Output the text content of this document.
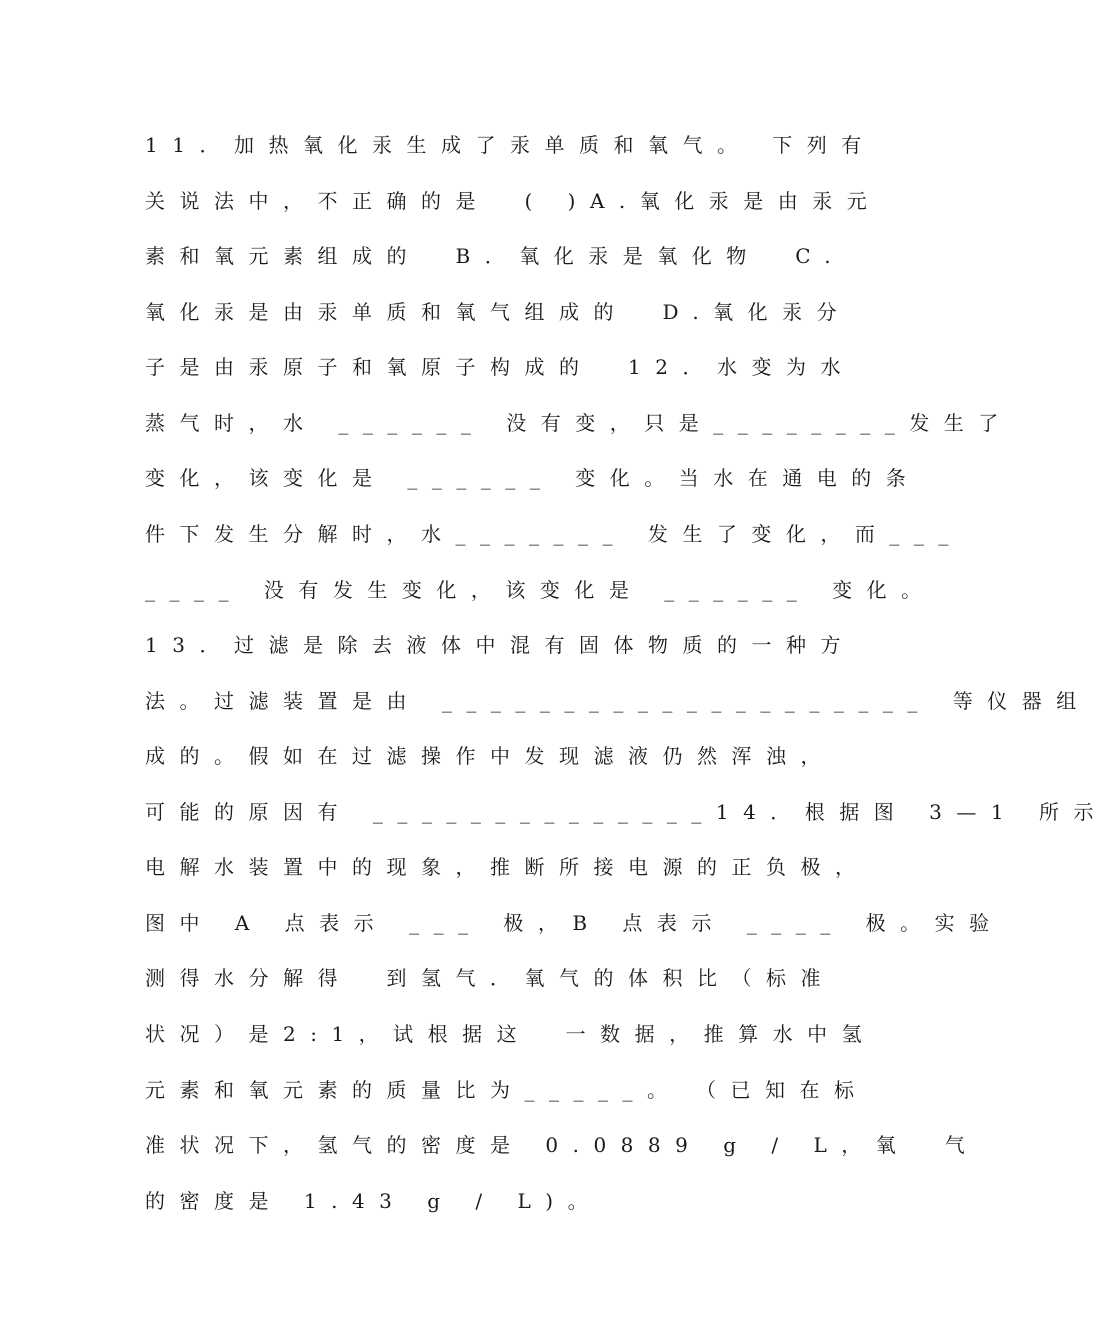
11．加热氧化汞生成了汞单质和氧气。 下列有
关说法中，不正确的是　( )A.氧化汞是由汞元
素和氧元素组成的　B．氧化汞是氧化物　C.
氧化汞是由汞单质和氧气组成的　D.氧化汞分
子是由汞原子和氧原子构成的　12．水变为水
蒸气时，水 ______ 没有变，只是________发生了
变化，该变化是 ______ 变化。当水在通电的条
件下发生分解时，水_______ 发生了变化，而___
____ 没有发生变化，该变化是 ______ 变化。
13．过滤是除去液体中混有固体物质的一种方
法。过滤装置是由 ____________________ 等仪器组
成的。假如在过滤操作中发现滤液仍然浑浊，
可能的原因有 ______________14．根据图 3—1 所示
电解水装置中的现象，推断所接电源的正负极，
图中 A 点表示 ___ 极，B 点表示 ____ 极。实验
测得水分解得　到氢气．氧气的体积比（标准
状况）是2:1，试根据这　一数据，推算水中氢
元素和氧元素的质量比为_____。　（已知在标
准状况下，氢气的密度是 0.0889 g / L，氧　气
的密度是 1.43 g / L)。
